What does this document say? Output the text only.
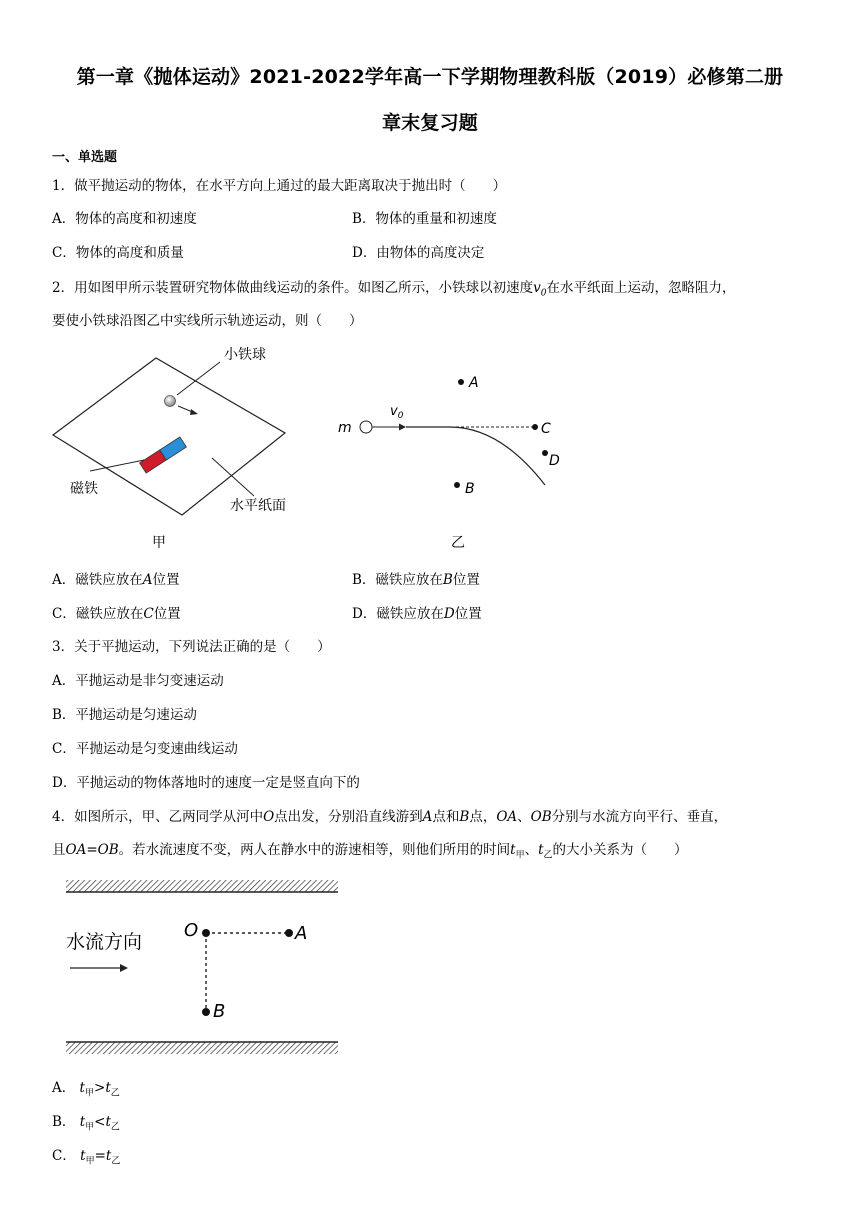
第一章《抛体运动》2021-2022学年高一下学期物理教科版（2019）必修第二册
章末复习题
一、单选题
1．做平抛运动的物体，在水平方向上通过的最大距离取决于抛出时（　　）
A．物体的高度和初速度	B．物体的重量和初速度
C．物体的高度和质量	D．由物体的高度决定
2．用如图甲所示装置研究物体做曲线运动的条件。如图乙所示，小铁球以初速度$v_0$在水平纸面上运动，忽略阻力，
要使小铁球沿图乙中实线所示轨迹运动，则（　　）
小铁球
磁铁
水平纸面
甲
m
$v_0$
A
C
D
B
乙
A．磁铁应放在A位置	B．磁铁应放在B位置
C．磁铁应放在C位置	D．磁铁应放在D位置
3．关于平抛运动，下列说法正确的是（　　）
A．平抛运动是非匀变速运动
B．平抛运动是匀速运动
C．平抛运动是匀变速曲线运动
D．平抛运动的物体落地时的速度一定是竖直向下的
4．如图所示，甲、乙两同学从河中O点出发，分别沿直线游到A点和B点，OA、OB分别与水流方向平行、垂直，
且OA=OB。若水流速度不变，两人在静水中的游速相等，则他们所用的时间$t_甲$、$t_乙$的大小关系为（　　）
水流方向
O	A
B
A． $t_甲>t_乙$
B． $t_甲<t_乙$
C． $t_甲=t_乙$
